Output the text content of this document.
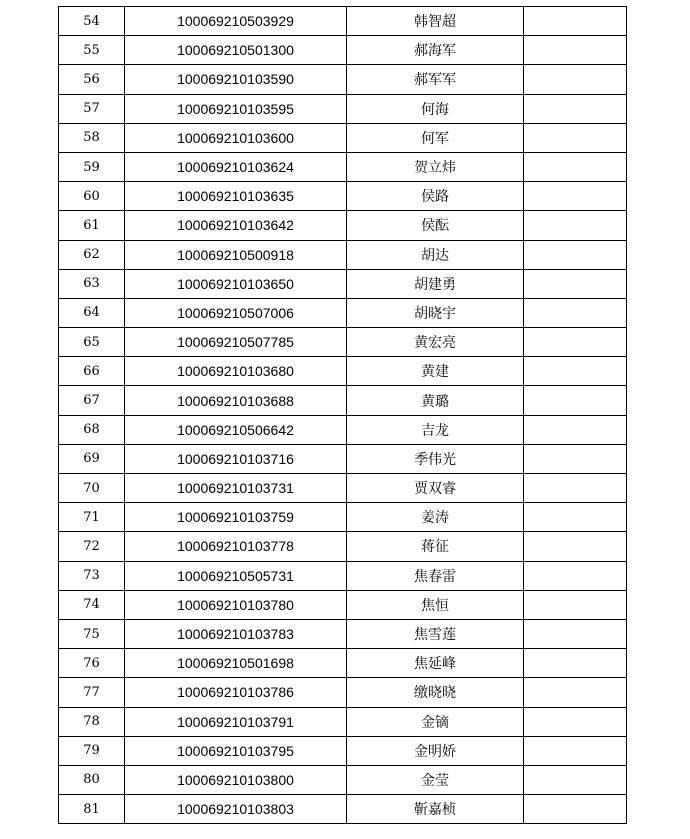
54	100069210503929	韩智超	
55	100069210501300	郝海军	
56	100069210103590	郝军军	
57	100069210103595	何海	
58	100069210103600	何军	
59	100069210103624	贺立炜	
60	100069210103635	侯路	
61	100069210103642	侯酝	
62	100069210500918	胡达	
63	100069210103650	胡建勇	
64	100069210507006	胡晓宇	
65	100069210507785	黄宏亮	
66	100069210103680	黄建	
67	100069210103688	黄璐	
68	100069210506642	吉龙	
69	100069210103716	季伟光	
70	100069210103731	贾双睿	
71	100069210103759	姜涛	
72	100069210103778	蒋征	
73	100069210505731	焦春雷	
74	100069210103780	焦恒	
75	100069210103783	焦雪莲	
76	100069210501698	焦延峰	
77	100069210103786	缴晓晓	
78	100069210103791	金镝	
79	100069210103795	金明娇	
80	100069210103800	金莹	
81	100069210103803	靳嘉桢	
